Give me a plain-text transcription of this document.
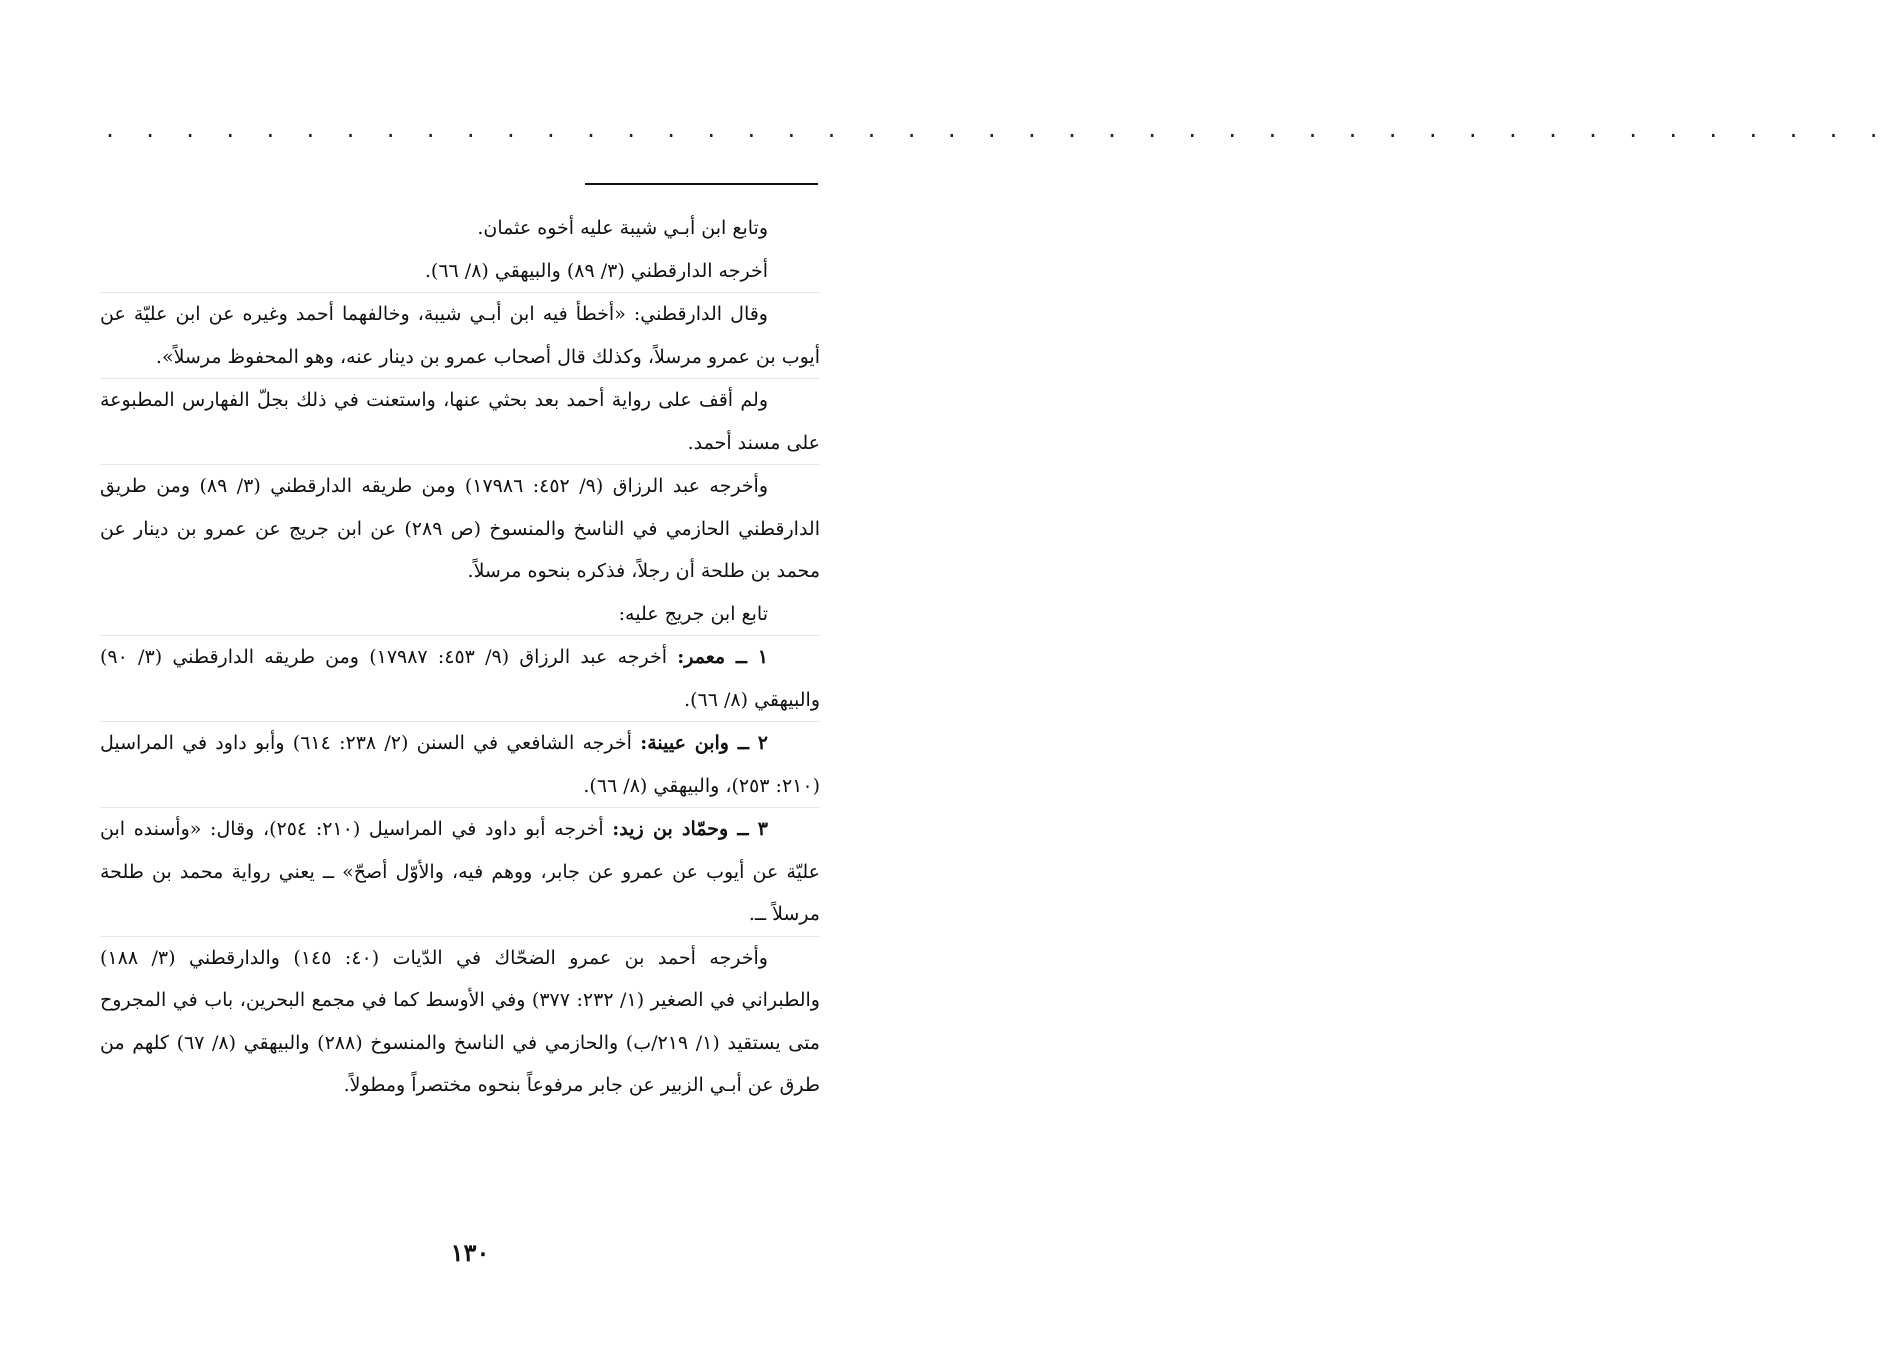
. . . . . . . . . . . . . . . . . . . . . . . . . . . . . . . . . . . . . . . . . . . . .

وتابع ابن أبـي شيبة عليه أخوه عثمان.

أخرجه الدارقطني (٣/ ٨٩) والبيهقي (٨/ ٦٦).

وقال الدارقطني: «أخطأ فيه ابن أبـي شيبة، وخالفهما أحمد وغيره عن ابن عليّة عن أيوب بن عمرو مرسلاً، وكذلك قال أصحاب عمرو بن دينار عنه، وهو المحفوظ مرسلاً».

ولم أقف على رواية أحمد بعد بحثي عنها، واستعنت في ذلك بجلّ الفهارس المطبوعة على مسند أحمد.

وأخرجه عبد الرزاق (٩/ ٤٥٢: ١٧٩٨٦) ومن طريقه الدارقطني (٣/ ٨٩) ومن طريق الدارقطني الحازمي في الناسخ والمنسوخ (ص ٢٨٩) عن ابن جريج عن عمرو بن دينار عن محمد بن طلحة أن رجلاً، فذكره بنحوه مرسلاً.

تابع ابن جريج عليه:

١ ــ معمر: أخرجه عبد الرزاق (٩/ ٤٥٣: ١٧٩٨٧) ومن طريقه الدارقطني (٣/ ٩٠) والبيهقي (٨/ ٦٦).

٢ ــ وابن عيينة: أخرجه الشافعي في السنن (٢/ ٢٣٨: ٦١٤) وأبو داود في المراسيل (٢١٠: ٢٥٣)، والبيهقي (٨/ ٦٦).

٣ ــ وحمّاد بن زيد: أخرجه أبو داود في المراسيل (٢١٠: ٢٥٤)، وقال: «وأسنده ابن عليّة عن أيوب عن عمرو عن جابر، ووهم فيه، والأوّل أصحّ» ــ يعني رواية محمد بن طلحة مرسلاً ــ.

وأخرجه أحمد بن عمرو الضحّاك في الدّيات (٤٠: ١٤٥) والدارقطني (٣/ ١٨٨) والطبراني في الصغير (١/ ٢٣٢: ٣٧٧) وفي الأوسط كما في مجمع البحرين، باب في المجروح متى يستقيد (١/ ٢١٩/ب) والحازمي في الناسخ والمنسوخ (٢٨٨) والبيهقي (٨/ ٦٧) كلهم من طرق عن أبـي الزبير عن جابر مرفوعاً بنحوه مختصراً ومطولاً.

١٣٠
